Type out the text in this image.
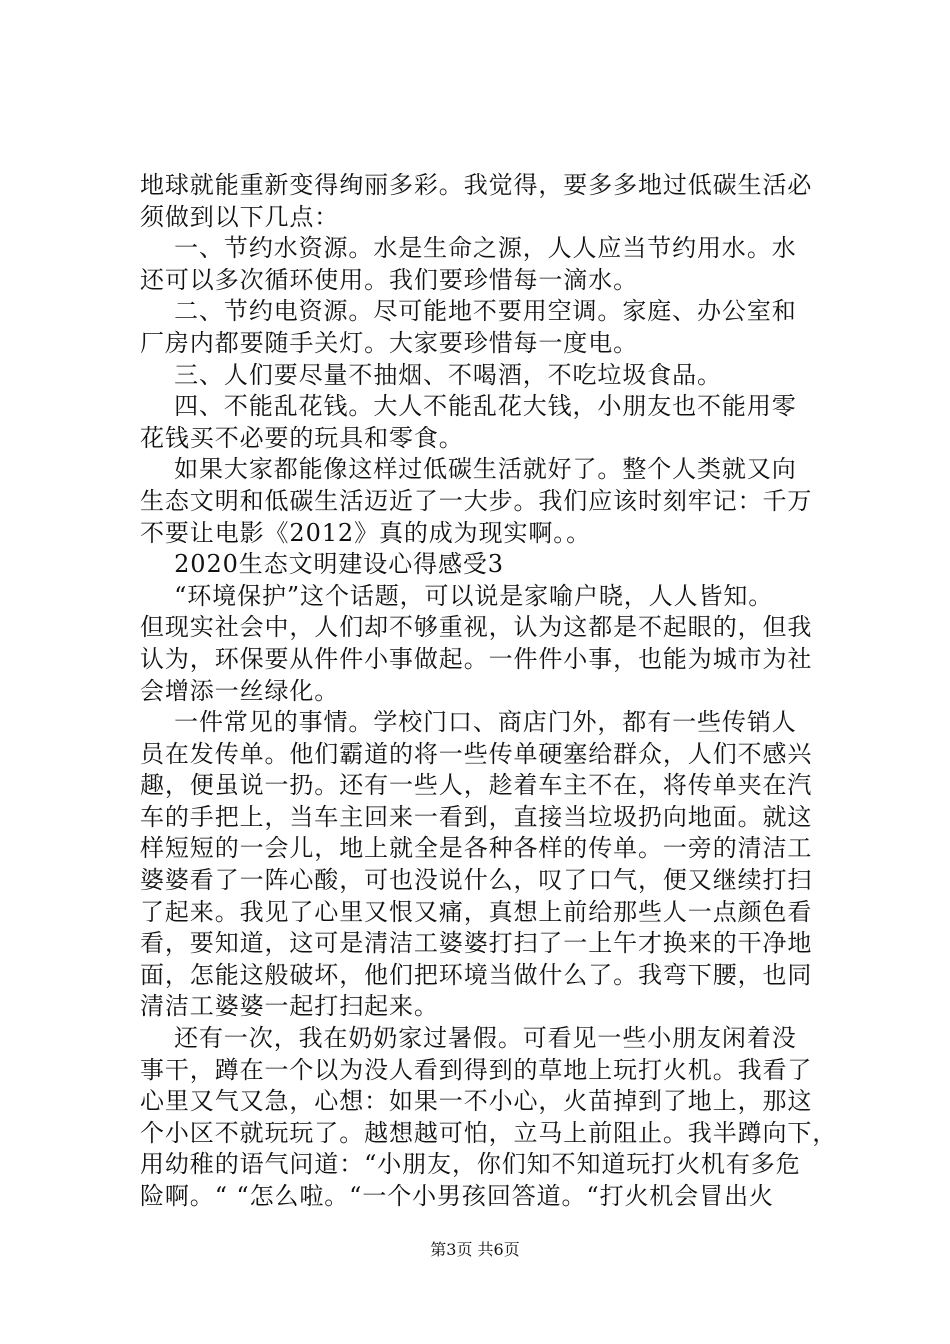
地球就能重新变得绚丽多彩。我觉得，要多多地过低碳生活必
须做到以下几点：
一、节约水资源。水是生命之源，人人应当节约用水。水
还可以多次循环使用。我们要珍惜每一滴水。
二、节约电资源。尽可能地不要用空调。家庭、办公室和
厂房内都要随手关灯。大家要珍惜每一度电。
三、人们要尽量不抽烟、不喝酒，不吃垃圾食品。
四、不能乱花钱。大人不能乱花大钱，小朋友也不能用零
花钱买不必要的玩具和零食。
如果大家都能像这样过低碳生活就好了。整个人类就又向
生态文明和低碳生活迈近了一大步。我们应该时刻牢记：千万
不要让电影《2012》真的成为现实啊。。
2020生态文明建设心得感受3
“环境保护”这个话题，可以说是家喻户晓，人人皆知。
但现实社会中，人们却不够重视，认为这都是不起眼的，但我
认为，环保要从件件小事做起。一件件小事，也能为城市为社
会增添一丝绿化。
一件常见的事情。学校门口、商店门外，都有一些传销人
员在发传单。他们霸道的将一些传单硬塞给群众，人们不感兴
趣，便虽说一扔。还有一些人，趁着车主不在，将传单夹在汽
车的手把上，当车主回来一看到，直接当垃圾扔向地面。就这
样短短的一会儿，地上就全是各种各样的传单。一旁的清洁工
婆婆看了一阵心酸，可也没说什么，叹了口气，便又继续打扫
了起来。我见了心里又恨又痛，真想上前给那些人一点颜色看
看，要知道，这可是清洁工婆婆打扫了一上午才换来的干净地
面，怎能这般破坏，他们把环境当做什么了。我弯下腰，也同
清洁工婆婆一起打扫起来。
还有一次，我在奶奶家过暑假。可看见一些小朋友闲着没
事干，蹲在一个以为没人看到得到的草地上玩打火机。我看了
心里又气又急，心想：如果一不小心，火苗掉到了地上，那这
个小区不就玩玩了。越想越可怕，立马上前阻止。我半蹲向下，
用幼稚的语气问道：“小朋友，你们知不知道玩打火机有多危
险啊。“ “怎么啦。“一个小男孩回答道。“打火机会冒出火
第3页 共6页
